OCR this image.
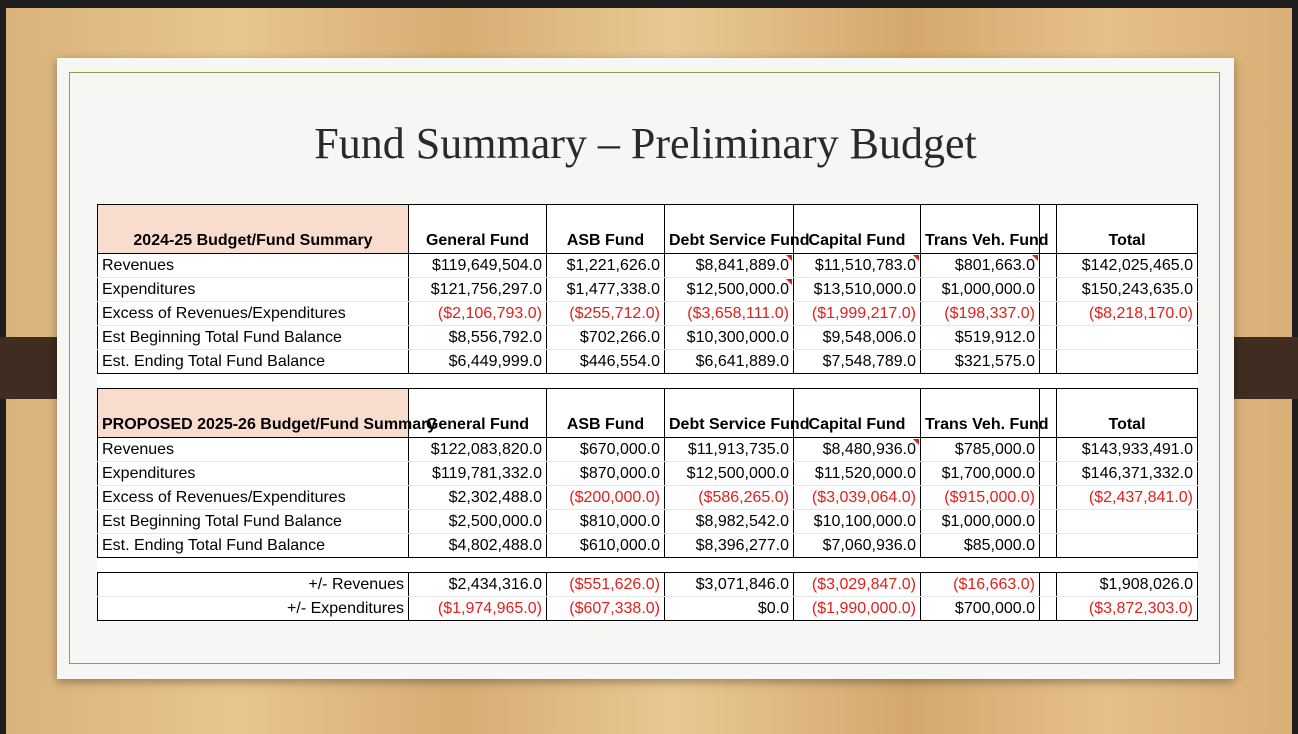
Fund Summary – Preliminary Budget
2024-25 Budget/Fund Summary	General Fund	ASB Fund	Debt Service Fund	Capital Fund	Trans Veh. Fund		Total
Revenues	$119,649,504.0	$1,221,626.0	$8,841,889.0	$11,510,783.0	$801,663.0		$142,025,465.0
Expenditures	$121,756,297.0	$1,477,338.0	$12,500,000.0	$13,510,000.0	$1,000,000.0		$150,243,635.0
Excess of Revenues/Expenditures	($2,106,793.0)	($255,712.0)	($3,658,111.0)	($1,999,217.0)	($198,337.0)		($8,218,170.0)
Est Beginning Total Fund Balance	$8,556,792.0	$702,266.0	$10,300,000.0	$9,548,006.0	$519,912.0		
Est. Ending Total Fund Balance	$6,449,999.0	$446,554.0	$6,641,889.0	$7,548,789.0	$321,575.0		

PROPOSED 2025-26 Budget/Fund Summary	General Fund	ASB Fund	Debt Service Fund	Capital Fund	Trans Veh. Fund		Total
Revenues	$122,083,820.0	$670,000.0	$11,913,735.0	$8,480,936.0	$785,000.0		$143,933,491.0
Expenditures	$119,781,332.0	$870,000.0	$12,500,000.0	$11,520,000.0	$1,700,000.0		$146,371,332.0
Excess of Revenues/Expenditures	$2,302,488.0	($200,000.0)	($586,265.0)	($3,039,064.0)	($915,000.0)		($2,437,841.0)
Est Beginning Total Fund Balance	$2,500,000.0	$810,000.0	$8,982,542.0	$10,100,000.0	$1,000,000.0		
Est. Ending Total Fund Balance	$4,802,488.0	$610,000.0	$8,396,277.0	$7,060,936.0	$85,000.0		

+/- Revenues	$2,434,316.0	($551,626.0)	$3,071,846.0	($3,029,847.0)	($16,663.0)		$1,908,026.0
+/- Expenditures	($1,974,965.0)	($607,338.0)	$0.0	($1,990,000.0)	$700,000.0		($3,872,303.0)
